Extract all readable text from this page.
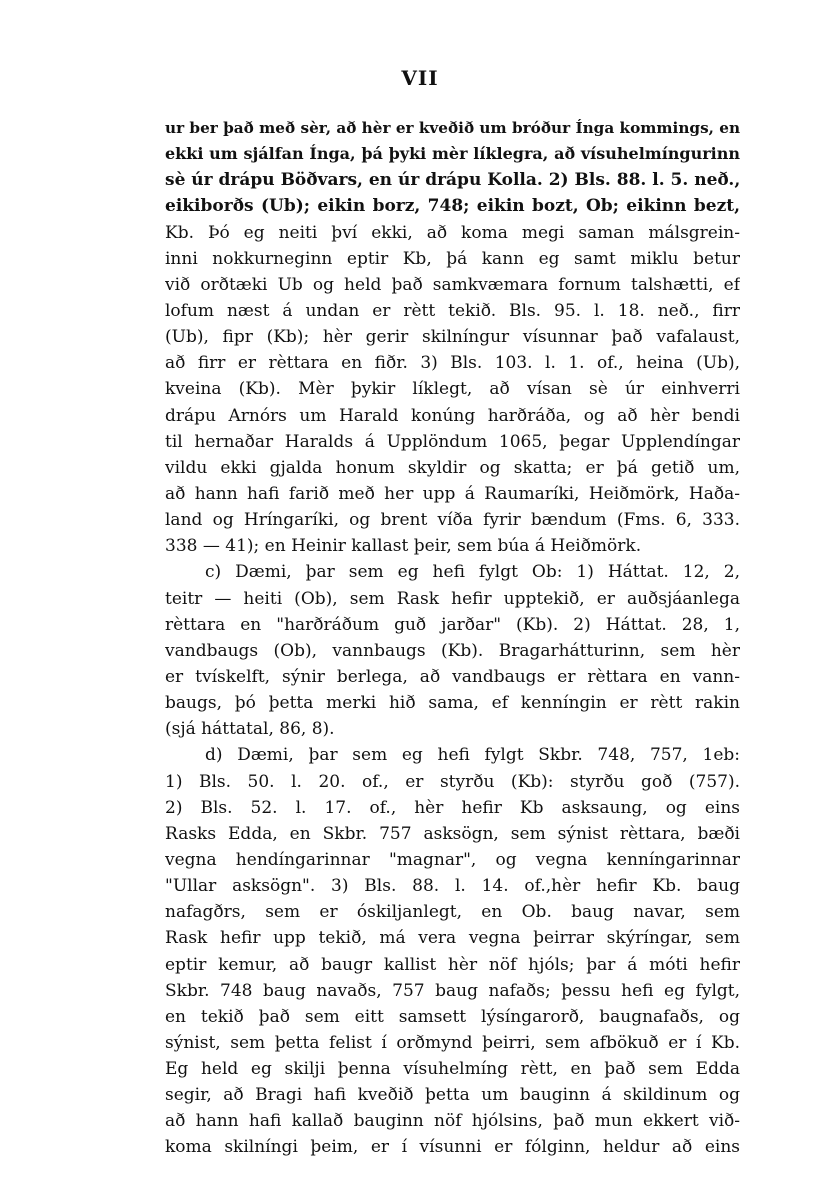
VII
ur ber það með sèr, að hèr er kveðið um bróður Ínga kommings, en
ekki um sjálfan Ínga, þá þyki mèr líklegra, að vísuhelmíngurinn
sè úr drápu Böðvars, en úr drápu Kolla. 2) Bls. 88. l. 5. neð.,
eikiborðs (Ub); eikin borz, 748; eikin bozt, Ob; eikinn bezt,
Kb. Þó eg neiti því ekki, að koma megi saman málsgrein-
inni nokkurneginn eptir Kb, þá kann eg samt miklu betur
við orðtæki Ub og held það samkvæmara fornum talshætti, ef
lofum næst á undan er rètt tekið. Bls. 95. l. 18. neð., firr
(Ub), fipr (Kb); hèr gerir skilníngur vísunnar það vafalaust,
að firr er rèttara en fiðr. 3) Bls. 103. l. 1. of., heina (Ub),
kveina (Kb). Mèr þykir líklegt, að vísan sè úr einhverri
drápu Arnórs um Harald konúng harðráða, og að hèr bendi
til hernaðar Haralds á Upplöndum 1065, þegar Upplendíngar
vildu ekki gjalda honum skyldir og skatta; er þá getið um,
að hann hafi farið með her upp á Raumaríki, Heiðmörk, Haða-
land og Hríngaríki, og brent víða fyrir bændum (Fms. 6, 333.
338 — 41); en Heinir kallast þeir, sem búa á Heiðmörk.
c) Dæmi, þar sem eg hefi fylgt Ob: 1) Háttat. 12, 2,
teitr — heiti (Ob), sem Rask hefir upptekið, er auðsjáanlega
rèttara en "harðráðum guð jarðar" (Kb). 2) Háttat. 28, 1,
vandbaugs (Ob), vannbaugs (Kb). Bragarhátturinn, sem hèr
er tvískelft, sýnir berlega, að vandbaugs er rèttara en vann-
baugs, þó þetta merki hið sama, ef kenníngin er rètt rakin
(sjá háttatal, 86, 8).
d) Dæmi, þar sem eg hefi fylgt Skbr. 748, 757, 1eb:
1) Bls. 50. l. 20. of., er styrðu (Kb): styrðu goð (757).
2) Bls. 52. l. 17. of., hèr hefir Kb asksaung, og eins
Rasks Edda, en Skbr. 757 asksögn, sem sýnist rèttara, bæði
vegna hendíngarinnar "magnar", og vegna kenníngarinnar
"Ullar asksögn". 3) Bls. 88. l. 14. of.,hèr hefir Kb. baug
nafagðrs, sem er óskiljanlegt, en Ob. baug navar, sem
Rask hefir upp tekið, má vera vegna þeirrar skýríngar, sem
eptir kemur, að baugr kallist hèr nöf hjóls; þar á móti hefir
Skbr. 748 baug navaðs, 757 baug nafaðs; þessu hefi eg fylgt,
en tekið það sem eitt samsett lýsíngarorð, baugnafaðs, og
sýnist, sem þetta felist í orðmynd þeirri, sem afbökuð er í Kb.
Eg held eg skilji þenna vísuhelmíng rètt, en það sem Edda
segir, að Bragi hafi kveðið þetta um bauginn á skildinum og
að hann hafi kallað bauginn nöf hjólsins, það mun ekkert við-
koma skilníngi þeim, er í vísunni er fólginn, heldur að eins
